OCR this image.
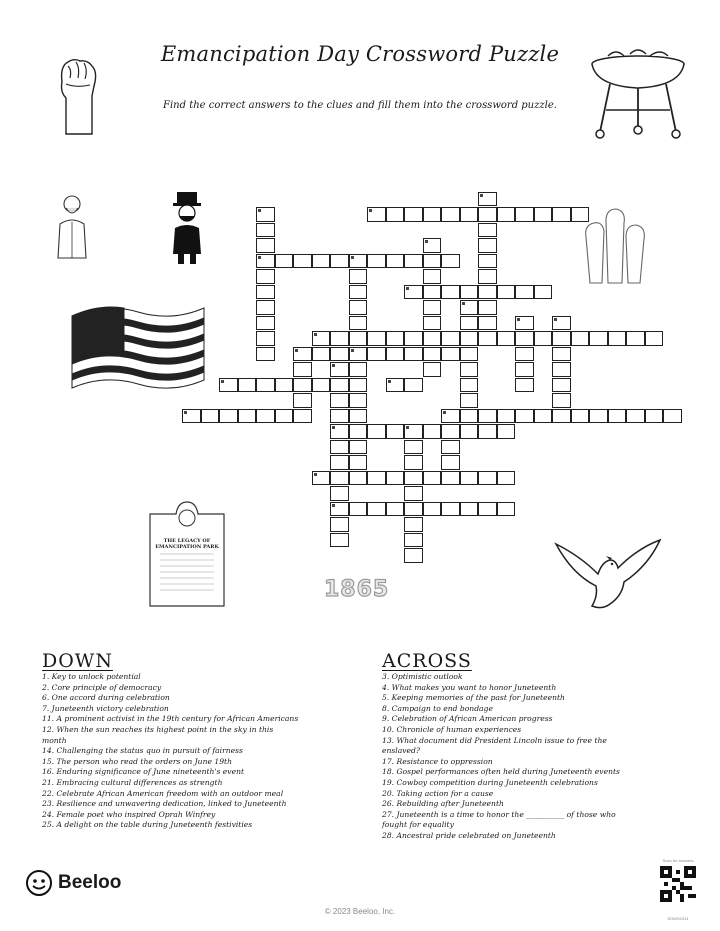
Emancipation Day Crossword Puzzle
Find the correct answers to the clues and fill them into the crossword puzzle.
THE LEGACY OF
EMANCIPATION PARK
1865
DOWN
1. Key to unlock potential
2. Core principle of democracy
6. One accord during celebration
7. Juneteenth victory celebration
11. A prominent activist in the 19th century for African Americans
12. When the sun reaches its highest point in the sky in this
month
14. Challenging the status quo in pursuit of fairness
15. The person who read the orders on June 19th
16. Enduring significance of June nineteenth's event
21. Embracing cultural differences as strength
22. Celebrate African American freedom with an outdoor meal
23. Resilience and unwavering dedication, linked to Juneteenth
24. Female poet who inspired Oprah Winfrey
25. A delight on the table during Juneteenth festivities
ACROSS
3. Optimistic outlook
4. What makes you want to honor Juneteenth
5. Keeping memories of the past for Juneteenth
8. Campaign to end bondage
9. Celebration of African American progress
10. Chronicle of human experiences
13. What document did President Lincoln issue to free the
enslaved?
17. Resistance to oppression
18. Gospel performances often held during Juneteenth events
19. Cowboy competition during Juneteenth celebrations
20. Taking action for a cause
26. Rebuilding after Juneteenth
27. Juneteenth is a time to honor the __________ of those who
fought for equality
28. Ancestral pride celebrated on Juneteenth
Beeloo
© 2023 Beeloo, Inc.
Scan for answers
EDWS4314
